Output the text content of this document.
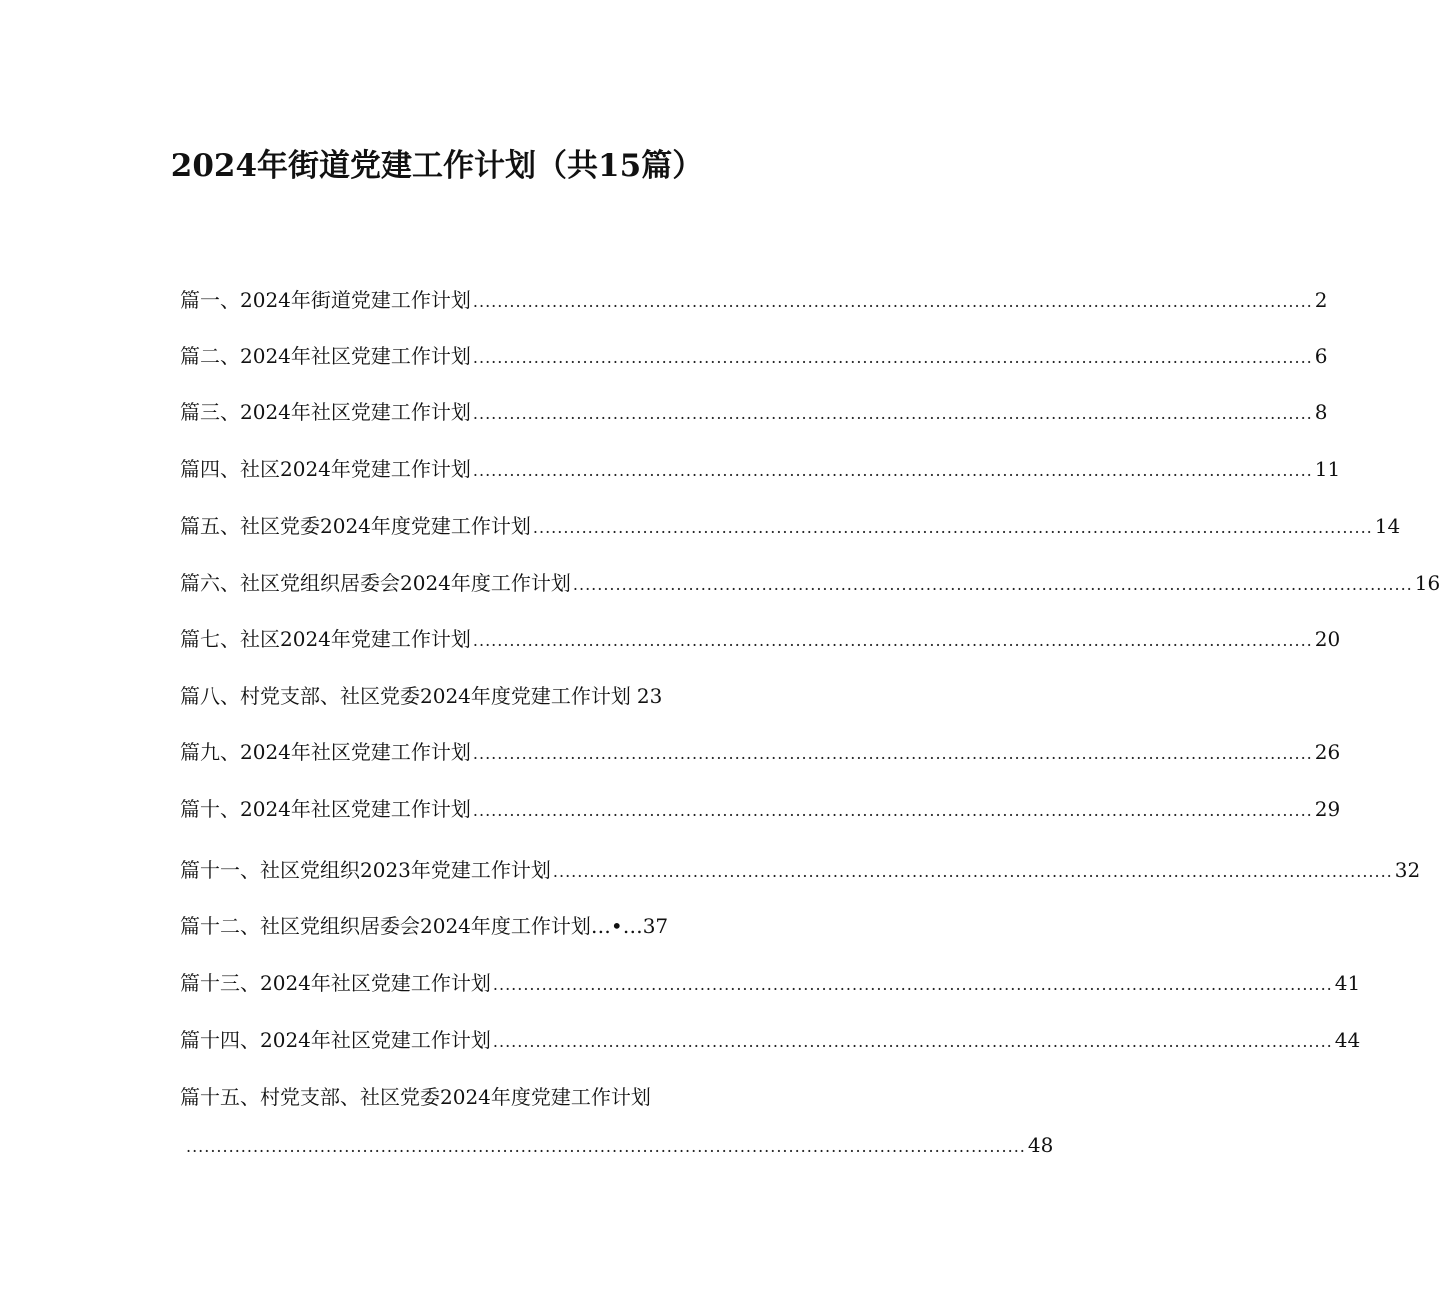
2024年街道党建工作计划（共15篇）
篇一、2024年街道党建工作计划 .......................................................................................................................................... 2
篇二、2024年社区党建工作计划 .......................................................................................................................................... 6
篇三、2024年社区党建工作计划 .......................................................................................................................................... 8
篇四、社区2024年党建工作计划 .......................................................................................................................................... 11
篇五、社区党委2024年度党建工作计划 .......................................................................................................................................... 14
篇六、社区党组织居委会2024年度工作计划 .......................................................................................................................................... 16
篇七、社区2024年党建工作计划 .......................................................................................................................................... 20
篇八、村党支部、社区党委2024年度党建工作计划 23
篇九、2024年社区党建工作计划 .......................................................................................................................................... 26
篇十、2024年社区党建工作计划 .......................................................................................................................................... 29
篇十一、社区党组织2023年党建工作计划 .......................................................................................................................................... 32
篇十二、社区党组织居委会2024年度工作计划…•… 37
篇十三、2024年社区党建工作计划 .......................................................................................................................................... 41
篇十四、2024年社区党建工作计划 .......................................................................................................................................... 44
篇十五、村党支部、社区党委2024年度党建工作计划
.......................................................................................................................................... 48
